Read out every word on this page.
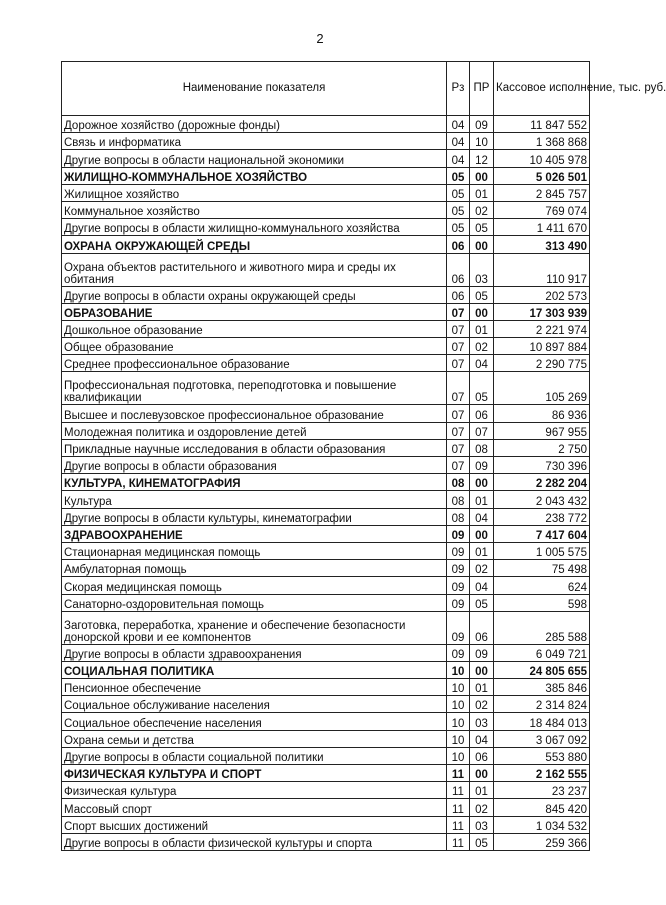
2
Наименование показателя	Рз	ПР	Кассовое исполнение, тыс. руб.
Дорожное хозяйство (дорожные фонды)	04	09	11 847 552
Связь и информатика	04	10	1 368 868
Другие вопросы в области национальной экономики	04	12	10 405 978
ЖИЛИЩНО-КОММУНАЛЬНОЕ ХОЗЯЙСТВО	05	00	5 026 501
Жилищное хозяйство	05	01	2 845 757
Коммунальное хозяйство	05	02	769 074
Другие вопросы в области жилищно-коммунального хозяйства	05	05	1 411 670
ОХРАНА ОКРУЖАЮЩЕЙ СРЕДЫ	06	00	313 490
Охрана объектов растительного и животного мира и среды их обитания	06	03	110 917
Другие вопросы в области охраны окружающей среды	06	05	202 573
ОБРАЗОВАНИЕ	07	00	17 303 939
Дошкольное образование	07	01	2 221 974
Общее образование	07	02	10 897 884
Среднее профессиональное образование	07	04	2 290 775
Профессиональная подготовка, переподготовка и повышение квалификации	07	05	105 269
Высшее и послевузовское профессиональное образование	07	06	86 936
Молодежная политика и оздоровление детей	07	07	967 955
Прикладные научные исследования в области образования	07	08	2 750
Другие вопросы в области образования	07	09	730 396
КУЛЬТУРА, КИНЕМАТОГРАФИЯ	08	00	2 282 204
Культура	08	01	2 043 432
Другие вопросы в области культуры, кинематографии	08	04	238 772
ЗДРАВООХРАНЕНИЕ	09	00	7 417 604
Стационарная медицинская помощь	09	01	1 005 575
Амбулаторная помощь	09	02	75 498
Скорая медицинская помощь	09	04	624
Санаторно-оздоровительная помощь	09	05	598
Заготовка, переработка, хранение и обеспечение безопасности донорской крови и ее компонентов	09	06	285 588
Другие вопросы в области здравоохранения	09	09	6 049 721
СОЦИАЛЬНАЯ ПОЛИТИКА	10	00	24 805 655
Пенсионное обеспечение	10	01	385 846
Социальное обслуживание населения	10	02	2 314 824
Социальное обеспечение населения	10	03	18 484 013
Охрана семьи и детства	10	04	3 067 092
Другие вопросы в области социальной политики	10	06	553 880
ФИЗИЧЕСКАЯ КУЛЬТУРА И СПОРТ	11	00	2 162 555
Физическая культура	11	01	23 237
Массовый спорт	11	02	845 420
Спорт высших достижений	11	03	1 034 532
Другие вопросы в области физической культуры и спорта	11	05	259 366
